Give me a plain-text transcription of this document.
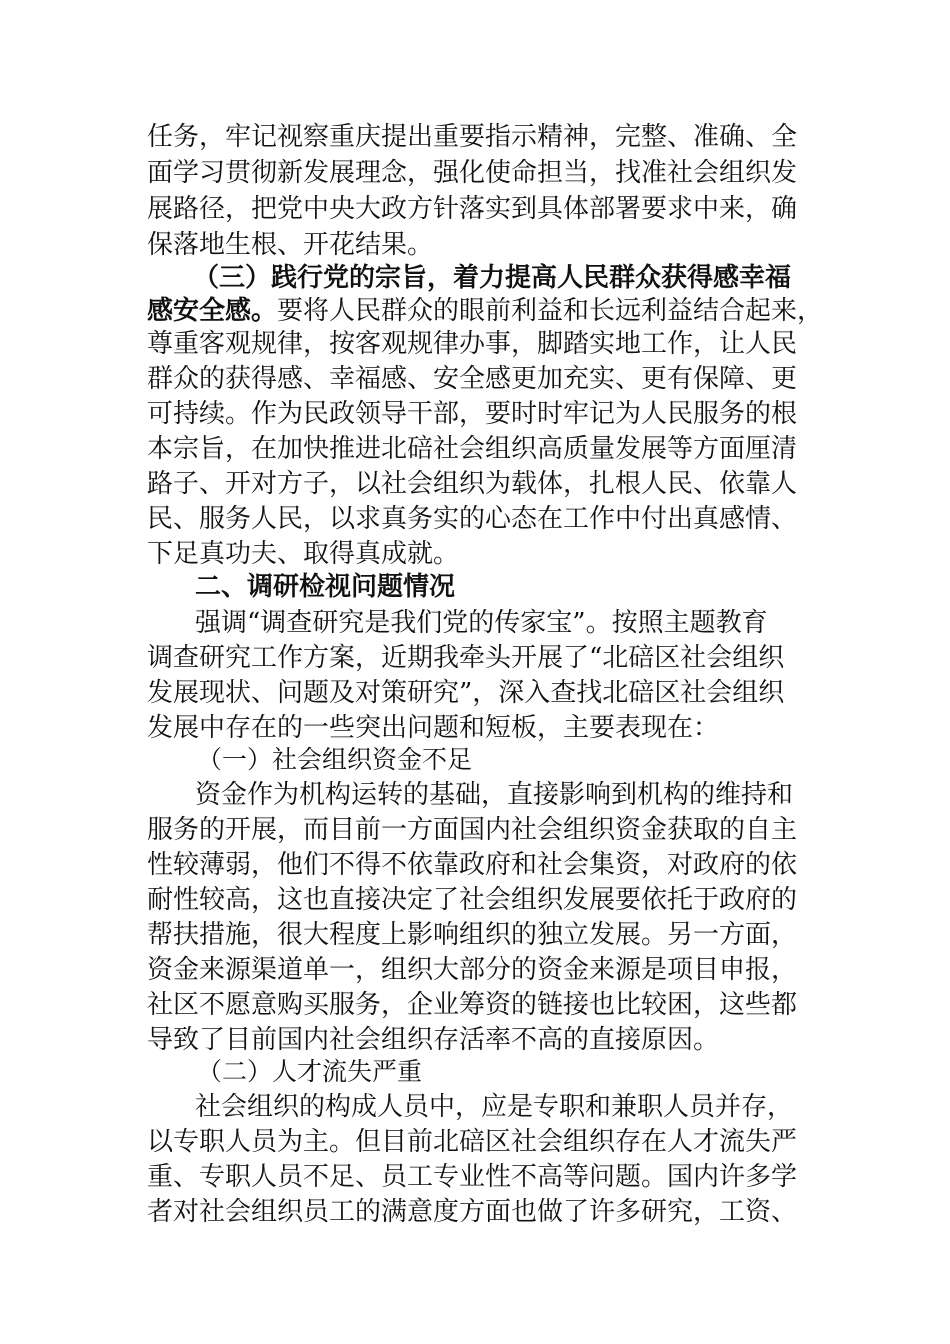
任务，牢记视察重庆提出重要指示精神，完整、准确、全
面学习贯彻新发展理念，强化使命担当，找准社会组织发
展路径，把党中央大政方针落实到具体部署要求中来，确
保落地生根、开花结果。
（三）践行党的宗旨，着力提高人民群众获得感幸福
感安全感。要将人民群众的眼前利益和长远利益结合起来，
尊重客观规律，按客观规律办事，脚踏实地工作，让人民
群众的获得感、幸福感、安全感更加充实、更有保障、更
可持续。作为民政领导干部，要时时牢记为人民服务的根
本宗旨，在加快推进北碚社会组织高质量发展等方面厘清
路子、开对方子，以社会组织为载体，扎根人民、依靠人
民、服务人民，以求真务实的心态在工作中付出真感情、
下足真功夫、取得真成就。
二、调研检视问题情况
强调“调查研究是我们党的传家宝”。按照主题教育
调查研究工作方案，近期我牵头开展了“北碚区社会组织
发展现状、问题及对策研究”，深入查找北碚区社会组织
发展中存在的一些突出问题和短板，主要表现在：
（一）社会组织资金不足
资金作为机构运转的基础，直接影响到机构的维持和
服务的开展，而目前一方面国内社会组织资金获取的自主
性较薄弱，他们不得不依靠政府和社会集资，对政府的依
耐性较高，这也直接决定了社会组织发展要依托于政府的
帮扶措施，很大程度上影响组织的独立发展。另一方面，
资金来源渠道单一，组织大部分的资金来源是项目申报，
社区不愿意购买服务，企业筹资的链接也比较困，这些都
导致了目前国内社会组织存活率不高的直接原因。
（二）人才流失严重
社会组织的构成人员中，应是专职和兼职人员并存，
以专职人员为主。但目前北碚区社会组织存在人才流失严
重、专职人员不足、员工专业性不高等问题。国内许多学
者对社会组织员工的满意度方面也做了许多研究，工资、
